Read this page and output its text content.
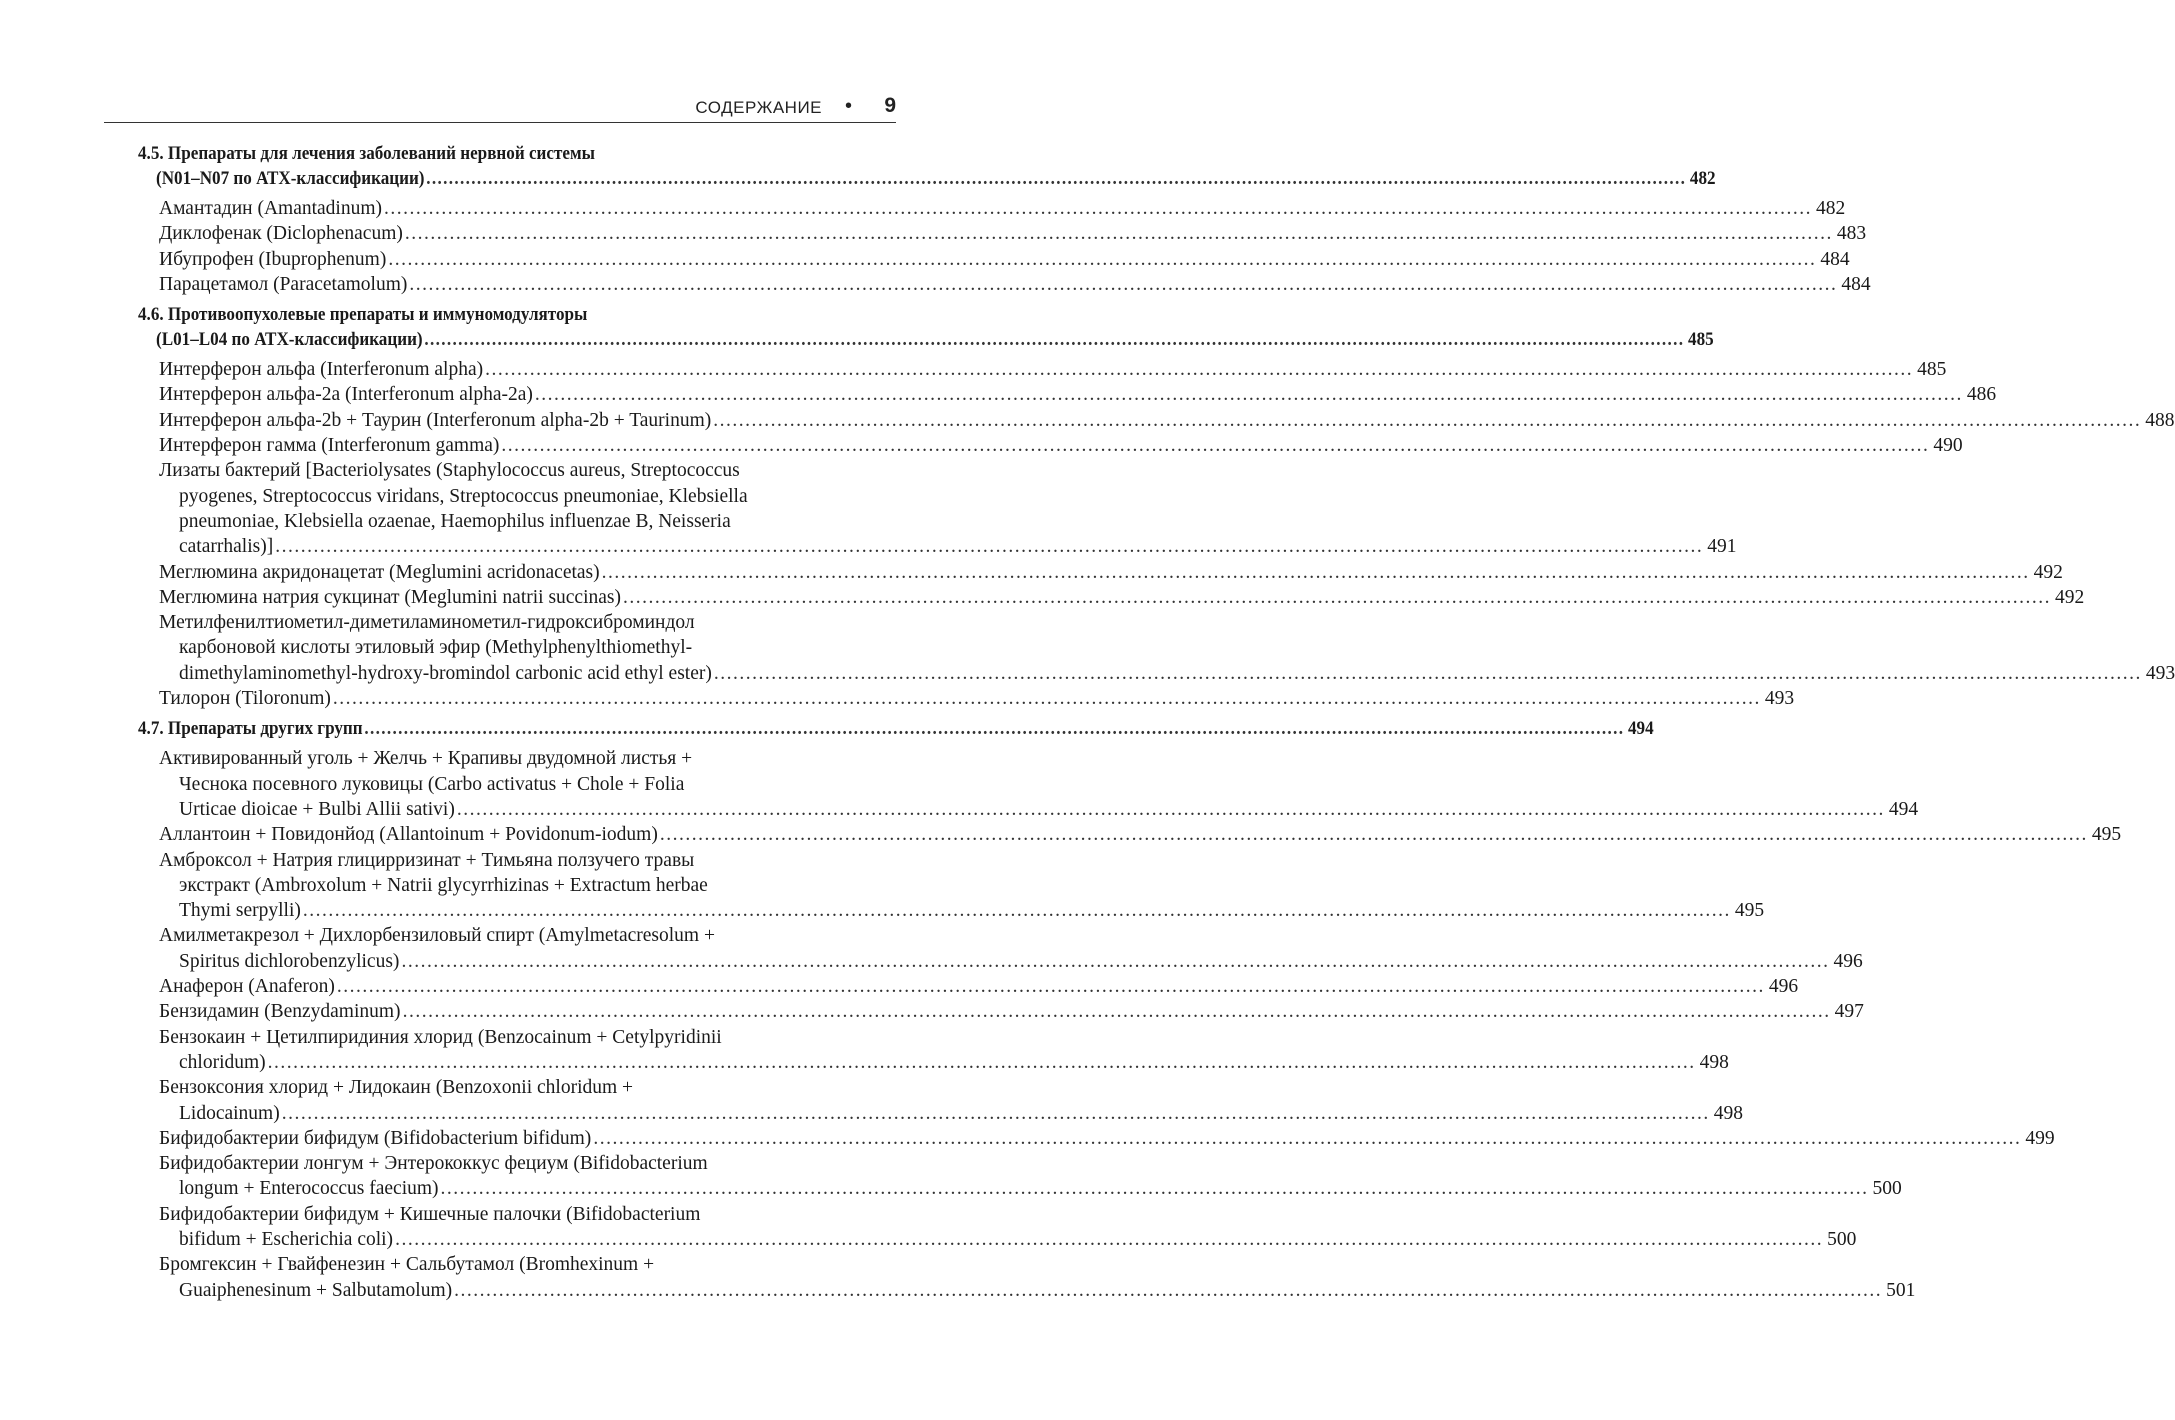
СОДЕРЖАНИЕ • 9
4.5. Препараты для лечения заболеваний нервной системы
(N01–N07 по АТХ-классификации) .....	482
Амантадин (Amantadinum) .....	482
Диклофенак (Diclophenacum) .....	483
Ибупрофен (Ibuprophenum) .....	484
Парацетамол (Paracetamolum) .....	484
4.6. Противоопухолевые препараты и иммуномодуляторы
(L01–L04 по АТХ-классификации) .....	485
Интерферон альфа (Interferonum alpha) .....	485
Интерферон альфа-2a (Interferonum alpha-2a) .....	486
Интерферон альфа-2b + Таурин (Interferonum alpha-2b + Taurinum) .....	488
Интерферон гамма (Interferonum gamma) .....	490
Лизаты бактерий [Bacteriolysates (Staphylococcus aureus, Streptococcus
pyogenes, Streptococcus viridans, Streptococcus pneumoniae, Klebsiella
pneumoniae, Klebsiella ozaenae, Haemophilus influenzae B, Neisseria
catarrhalis)] .....	491
Меглюмина акридонацетат (Meglumini acridonacetas) .....	492
Меглюмина натрия сукцинат (Meglumini natrii succinas) .....	492
Метилфенилтиометил-диметиламинометил-гидроксиброминдол
карбоновой кислоты этиловый эфир (Methylphenylthiomethyl-
dimethylaminomethyl-hydroxy-bromindol carbonic acid ethyl ester) .....	493
Тилорон (Tiloronum) .....	493
4.7. Препараты других групп .....	494
Активированный уголь + Желчь + Крапивы двудомной листья +
Чеснока посевного луковицы (Carbo activatus + Chole + Folia
Urticae dioicae + Bulbi Allii sativi) .....	494
Аллантоин + Повидонйод (Allantoinum + Povidonum-iodum) .....	495
Амброксол + Натрия глицирризинат + Тимьяна ползучего травы
экстракт (Ambroxolum + Natrii glycyrrhizinas + Extractum herbae
Thymi serpylli) .....	495
Амилметакрезол + Дихлорбензиловый спирт (Amylmetacresolum +
Spiritus dichlorobenzylicus) .....	496
Анаферон (Anaferon) .....	496
Бензидамин (Benzydaminum) .....	497
Бензокаин + Цетилпиридиния хлорид (Benzocainum + Cetylpyridinii
chloridum) .....	498
Бензоксония хлорид + Лидокаин (Benzoxonii chloridum +
Lidocainum) .....	498
Бифидобактерии бифидум (Bifidobacterium bifidum) .....	499
Бифидобактерии лонгум + Энтерококкус фециум (Bifidobacterium
longum + Enterococcus faecium) .....	500
Бифидобактерии бифидум + Кишечные палочки (Bifidobacterium
bifidum + Escherichia coli) .....	500
Бромгексин + Гвайфенезин + Сальбутамол (Bromhexinum +
Guaiphenesinum + Salbutamolum) .....	501
